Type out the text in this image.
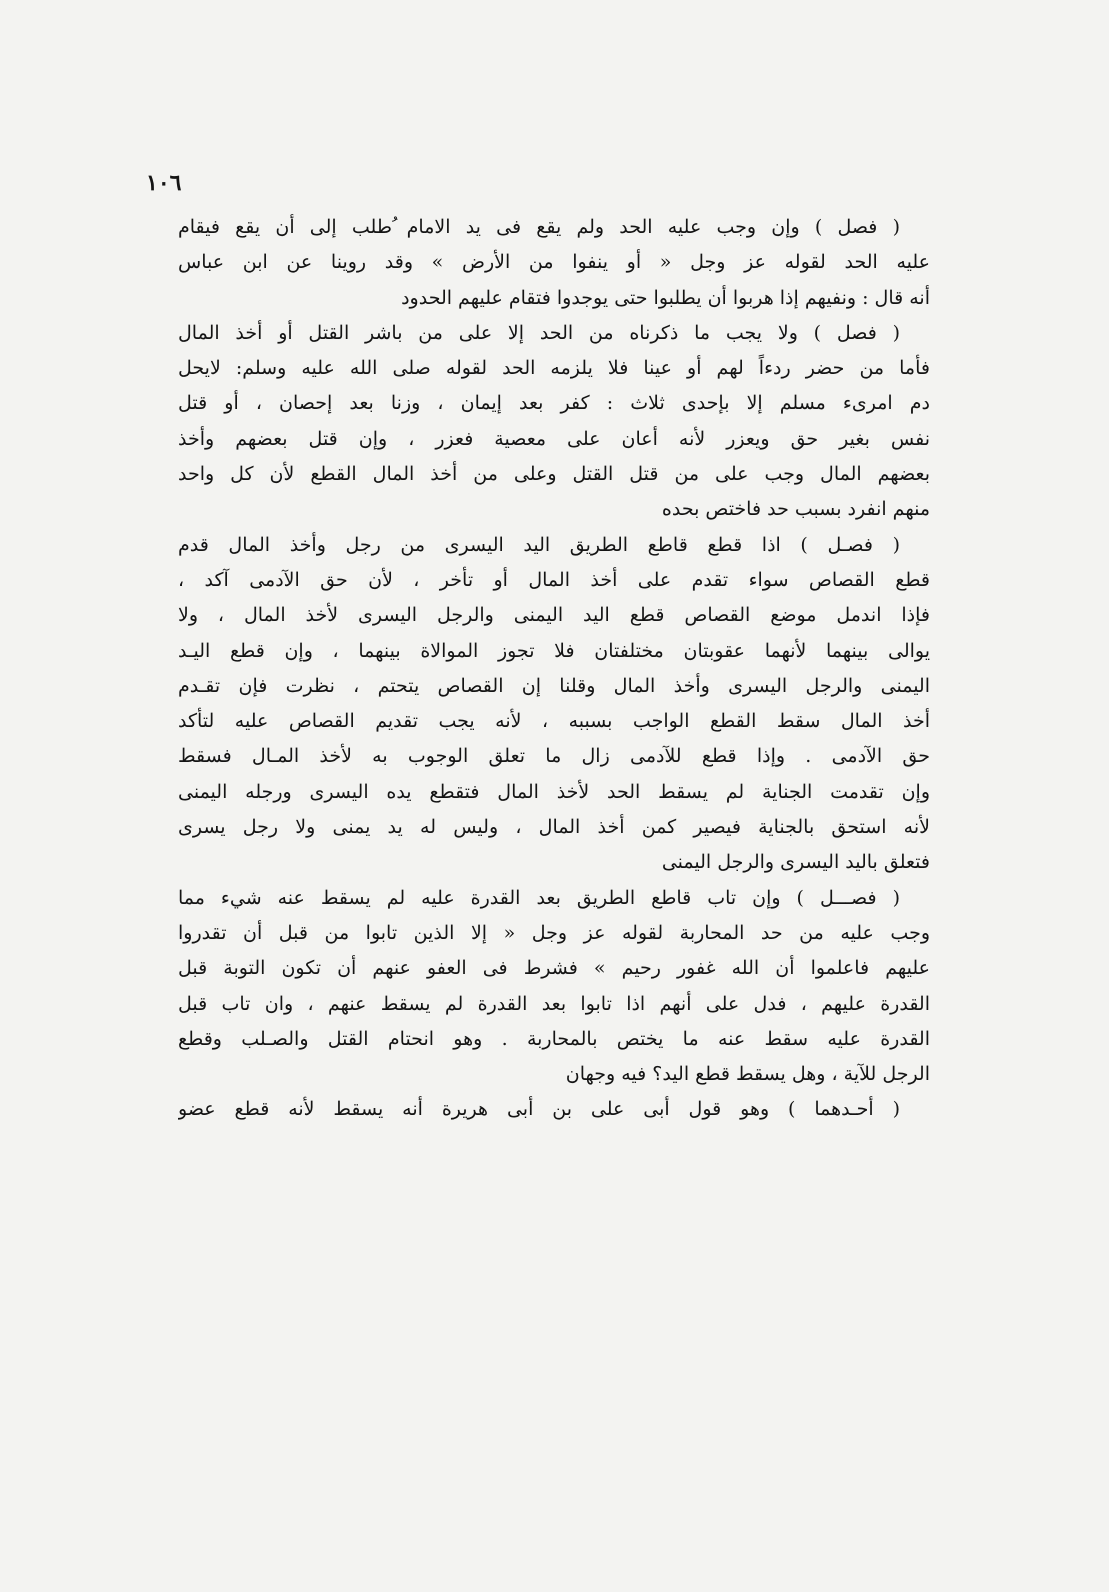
١٠٦
( فصل ) وإن وجب عليه الحد ولم يقع فى يد الامام ُطلب إلى أن يقع فيقام
عليه الحد لقوله عز وجل « أو ينفوا من الأرض » وقد روينا عن ابن عباس
أنه قال : ونفيهم إذا هربوا أن يطلبوا حتى يوجدوا فتقام عليهم الحدود
( فصل ) ولا يجب ما ذكرناه من الحد إلا على من باشر القتل أو أخذ المال
فأما من حضر ردءاً لهم أو عينا فلا يلزمه الحد لقوله صلى الله عليه وسلم: لايحل
دم امرىء مسلم إلا بإحدى ثلاث : كفر بعد إيمان ، وزنا بعد إحصان ، أو قتل
نفس بغير حق ويعزر لأنه أعان على معصية فعزر ، وإن قتل بعضهم وأخذ
بعضهم المال وجب على من قتل القتل وعلى من أخذ المال القطع لأن كل واحد
منهم انفرد بسبب حد فاختص بحده
( فصـل ) اذا قطع قاطع الطريق اليد اليسرى من رجل وأخذ المال قدم
قطع القصاص سواء تقدم على أخذ المال أو تأخر ، لأن حق الآدمى آكد ،
فإذا اندمل موضع القصاص قطع اليد اليمنى والرجل اليسرى لأخذ المال ، ولا
يوالى بينهما لأنهما عقوبتان مختلفتان فلا تجوز الموالاة بينهما ، وإن قطع اليـد
اليمنى والرجل اليسرى وأخذ المال وقلنا إن القصاص يتحتم ، نظرت فإن تقـدم
أخذ المال سقط القطع الواجب بسببه ، لأنه يجب تقديم القصاص عليه لتأكد
حق الآدمى . وإذا قطع للآدمى زال ما تعلق الوجوب به لأخذ المـال فسقط
وإن تقدمت الجناية لم يسقط الحد لأخذ المال فتقطع يده اليسرى ورجله اليمنى
لأنه استحق بالجناية فيصير كمن أخذ المال ، وليس له يد يمنى ولا رجل يسرى
فتعلق باليد اليسرى والرجل اليمنى
( فصـــل ) وإن تاب قاطع الطريق بعد القدرة عليه لم يسقط عنه شيء مما
وجب عليه من حد المحاربة لقوله عز وجل « إلا الذين تابوا من قبل أن تقدروا
عليهم فاعلموا أن الله غفور رحيم » فشرط فى العفو عنهم أن تكون التوبة قبل
القدرة عليهم ، فدل على أنهم اذا تابوا بعد القدرة لم يسقط عنهم ، وان تاب قبل
القدرة عليه سقط عنه ما يختص بالمحاربة . وهو انحتام القتل والصـلب وقطع
الرجل للآية ، وهل يسقط قطع اليد؟ فيه وجهان
( أحـدهما ) وهو قول أبى على بن أبى هريرة أنه يسقط لأنه قطع عضو
